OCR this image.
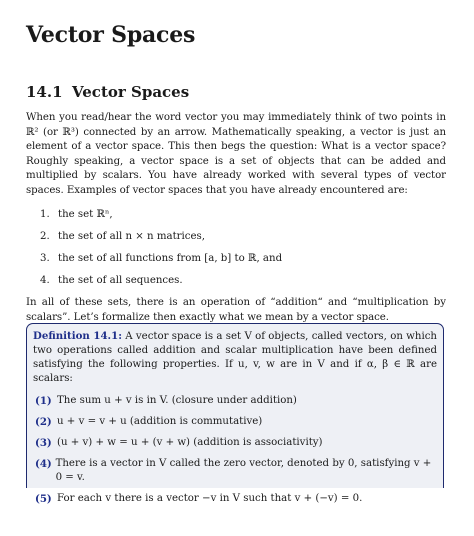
Vector Spaces
14.1 Vector Spaces

When you read/hear the word vector you may immediately think of two points in ℝ² (or ℝ³) connected by an arrow. Mathematically speaking, a vector is just an element of a vector space. This then begs the question: What is a vector space? Roughly speaking, a vector space is a set of objects that can be added and multiplied by scalars. You have already worked with several types of vector spaces. Examples of vector spaces that you have already encountered are:

1. the set ℝⁿ,
2. the set of all n × n matrices,
3. the set of all functions from [a, b] to ℝ, and
4. the set of all sequences.

In all of these sets, there is an operation of “addition“ and “multiplication by scalars”. Let’s formalize then exactly what we mean by a vector space.

Definition 14.1: A vector space is a set V of objects, called vectors, on which two operations called addition and scalar multiplication have been defined satisfying the following properties. If u, v, w are in V and if α, β ∈ ℝ are scalars:
(1) The sum u + v is in V. (closure under addition)
(2) u + v = v + u (addition is commutative)
(3) (u + v) + w = u + (v + w) (addition is associativity)
(4) There is a vector in V called the zero vector, denoted by 0, satisfying v + 0 = v.
(5) For each v there is a vector −v in V such that v + (−v) = 0.
